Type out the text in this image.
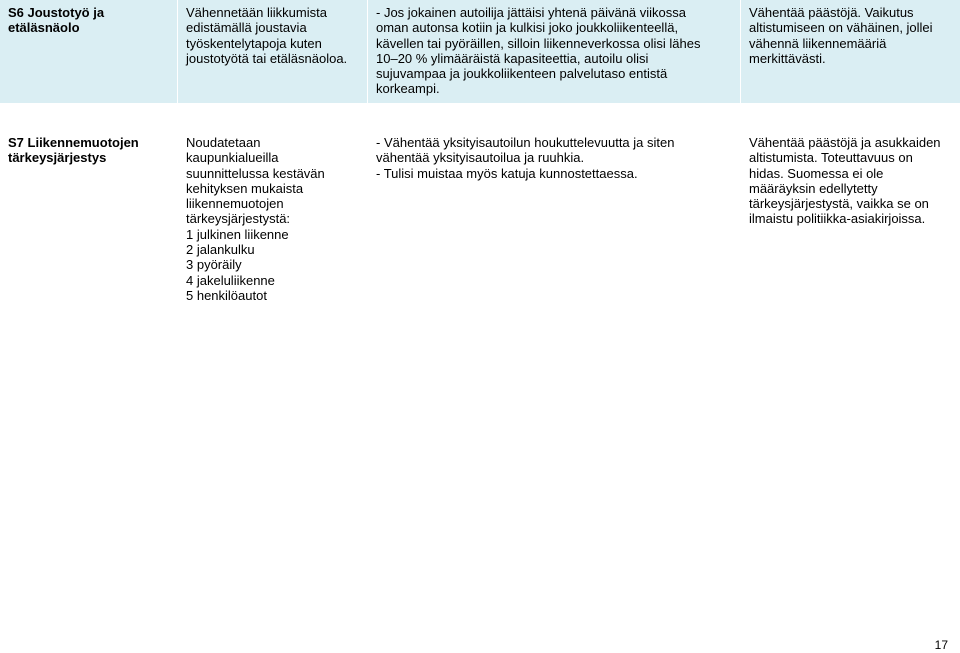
S6 Joustotyö ja
etäläsnäolo
Vähennetään liikkumista
edistämällä joustavia
työskentelytapoja kuten
joustotyötä tai etäläsnäoloa.
- Jos jokainen autoilija jättäisi yhtenä päivänä viikossa
oman autonsa kotiin ja kulkisi joko joukkoliikenteellä,
kävellen tai pyöräillen, silloin liikenneverkossa olisi lähes
10–20 % ylimääräistä kapasiteettia, autoilu olisi
sujuvampaa ja joukkoliikenteen palvelutaso entistä
korkeampi.
Vähentää päästöjä. Vaikutus
altistumiseen on vähäinen, jollei
vähennä liikennemääriä
merkittävästi.
S7 Liikennemuotojen
tärkeysjärjestys
Noudatetaan
kaupunkialueilla
suunnittelussa kestävän
kehityksen mukaista
liikennemuotojen
tärkeysjärjestystä:
1 julkinen liikenne
2 jalankulku
3 pyöräily
4 jakeluliikenne
5 henkilöautot
- Vähentää yksityisautoilun houkuttelevuutta ja siten
vähentää yksityisautoilua ja ruuhkia.
- Tulisi muistaa myös katuja kunnostettaessa.
Vähentää päästöjä ja asukkaiden
altistumista. Toteuttavuus on
hidas. Suomessa ei ole
määräyksin edellytetty
tärkeysjärjestystä, vaikka se on
ilmaistu politiikka-asiakirjoissa.
17
